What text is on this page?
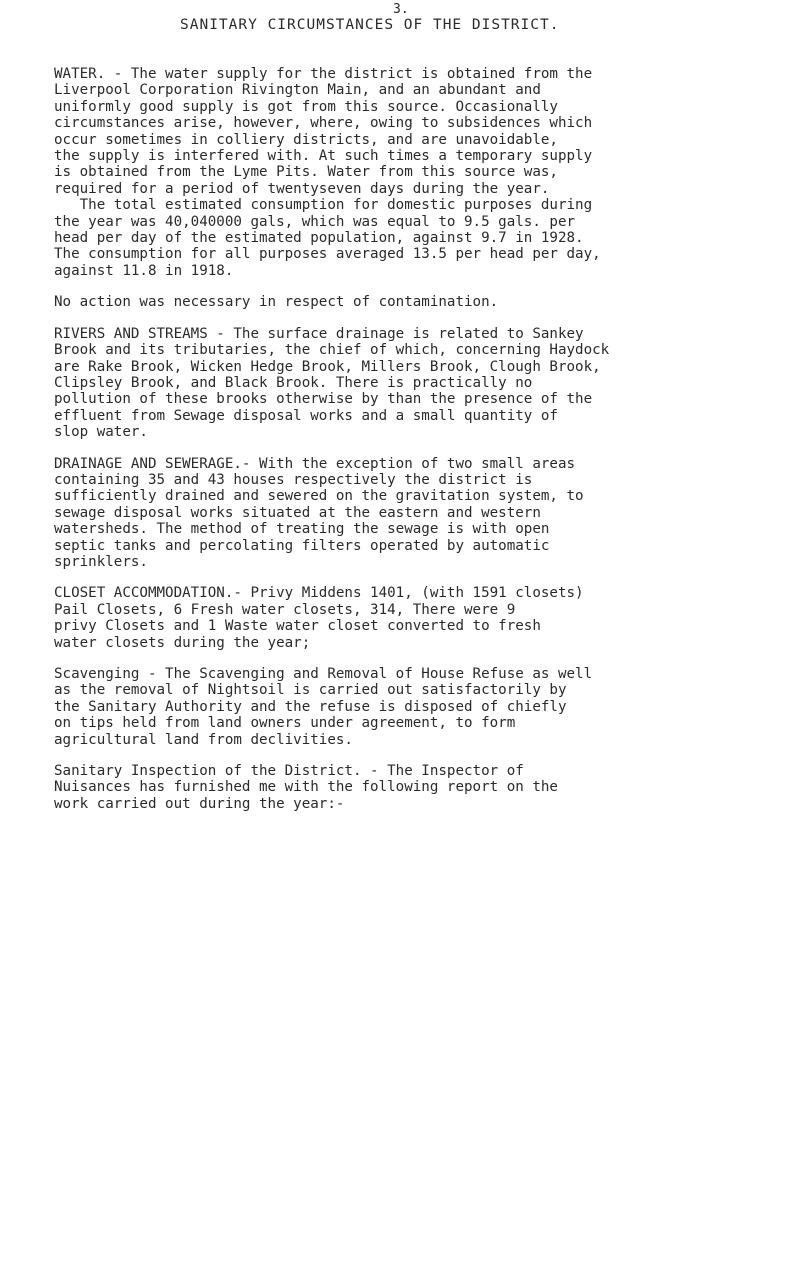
3.
SANITARY CIRCUMSTANCES OF THE DISTRICT.
WATER. - The water supply for the district is obtained from the
Liverpool Corporation Rivington Main, and an abundant and
uniformly good supply is got from this source. Occasionally
circumstances arise, however, where, owing to subsidences which
occur sometimes in colliery districts, and are unavoidable,
the supply is interfered with. At such times a temporary supply
is obtained from the Lyme Pits. Water from this source was,
required for a period of twentyseven days during the year.
The total estimated consumption for domestic purposes during
the year was 40,040000 gals, which was equal to 9.5 gals. per
head per day of the estimated population, against 9.7 in 1928.
The consumption for all purposes averaged 13.5 per head per day,
against 11.8 in 1918.
No action was necessary in respect of contamination.
RIVERS AND STREAMS - The surface drainage is related to Sankey
Brook and its tributaries, the chief of which, concerning Haydock
are Rake Brook, Wicken Hedge Brook, Millers Brook, Clough Brook,
Clipsley Brook, and Black Brook. There is practically no
pollution of these brooks otherwise by than the presence of the
effluent from Sewage disposal works and a small quantity of
slop water.
DRAINAGE AND SEWERAGE.- With the exception of two small areas
containing 35 and 43 houses respectively the district is
sufficiently drained and sewered on the gravitation system, to
sewage disposal works situated at the eastern and western
watersheds. The method of treating the sewage is with open
septic tanks and percolating filters operated by automatic
sprinklers.
CLOSET ACCOMMODATION.- Privy Middens 1401, (with 1591 closets)
Pail Closets, 6 Fresh water closets, 314, There were 9
privy Closets and 1 Waste water closet converted to fresh
water closets during the year;
Scavenging - The Scavenging and Removal of House Refuse as well
as the removal of Nightsoil is carried out satisfactorily by
the Sanitary Authority and the refuse is disposed of chiefly
on tips held from land owners under agreement, to form
agricultural land from declivities.
Sanitary Inspection of the District. - The Inspector of
Nuisances has furnished me with the following report on the
work carried out during the year:-
